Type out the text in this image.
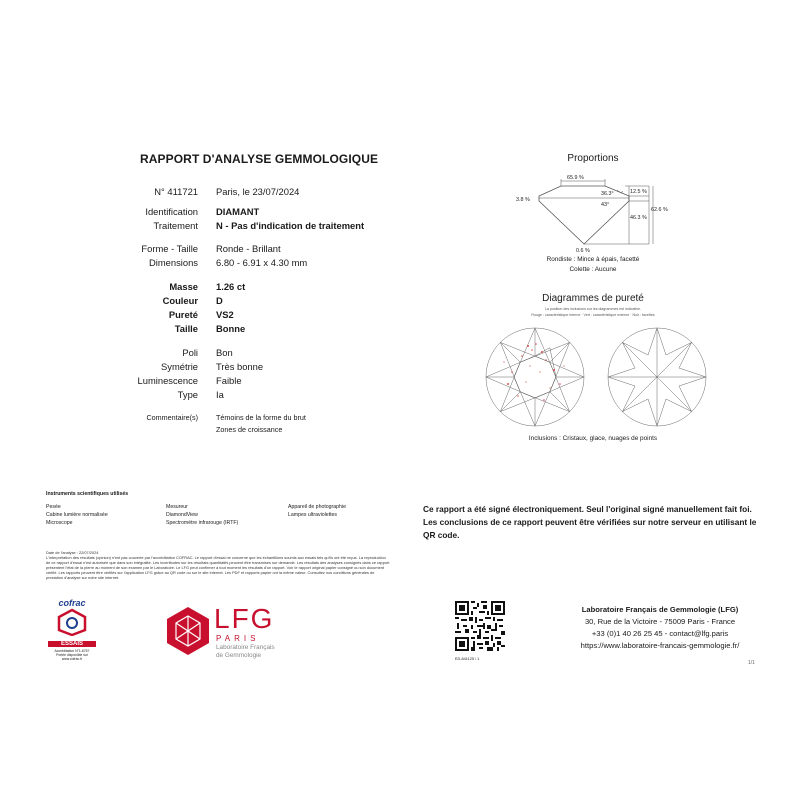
RAPPORT D'ANALYSE GEMMOLOGIQUE
N° 411721 Paris, le 23/07/2024
Identification DIAMANT
Traitement N - Pas d'indication de traitement
Forme - Taille Ronde - Brillant
Dimensions 6.80 - 6.91 x 4.30 mm
Masse 1.26 ct
Couleur D
Pureté VS2
Taille Bonne
Poli Bon
Symétrie Très bonne
Luminescence Faible
Type Ia
Commentaire(s)	Témoins de la forme du brut
Zones de croissance
Proportions
65.9 %
36.3°
43°
12.5 %
46.3 %
62.6 %
3.8 %
0.6 %
Rondiste : Mince à épais, facetté
Colette : Aucune
Diagrammes de pureté
La position des inclusions sur les diagrammes est indicative.
Rouge : caractéristique interne · Vert : caractéristique externe · Noir : facettes
Inclusions : Cristaux, glace, nuages de points
Instruments scientifiques utilisés
Pesée
Cabine lumière normalisée
Microscope
Mesureur
DiamondView
Spectromètre infrarouge (IRTF)
Appareil de photographie
Lampes ultraviolettes
Date de l'analyse : 22/07/2024
L'interprétation des résultats (opinion) n'est pas couverte par l'accréditation COFRAC. Le rapport d'essai ne concerne que les échantillons soumis aux essais tels qu'ils ont été reçus. La reproduction de ce rapport d'essai n'est autorisée que dans son intégralité. Les incertitudes sur les résultats quantitatifs peuvent être transmises sur demande. Les résultats des analyses consignés dans ce rapport présentent l'état de la pierre au moment de son examen par le Laboratoire. Le LFG peut confirmer à tout moment les résultats d'un rapport. Voir le rapport original papier consigné ou son document vérifié. Les rapports peuvent être vérifiés sur l'application LFG grâce au QR code ou sur le site internet. Les PDF et rapports papier ont la même valeur. Consultez nos conditions générales de prestation d'analyse sur notre site internet.
Ce rapport a été signé électroniquement. Seul l'original signé manuellement fait foi. Les conclusions de ce rapport peuvent être vérifiées sur notre serveur en utilisant le QR code.
cofrac
ESSAIS
Accréditation N°1-6757
Portée disponible sur
www.cofrac.fr
LFG
PARIS
Laboratoire Français
de Gemmologie	ED-841125 / 1
Laboratoire Français de Gemmologie (LFG)
30, Rue de la Victoire - 75009 Paris - France
+33 (0)1 40 26 25 45 - contact@lfg.paris
https://www.laboratoire-francais-gemmologie.fr/
1/1
